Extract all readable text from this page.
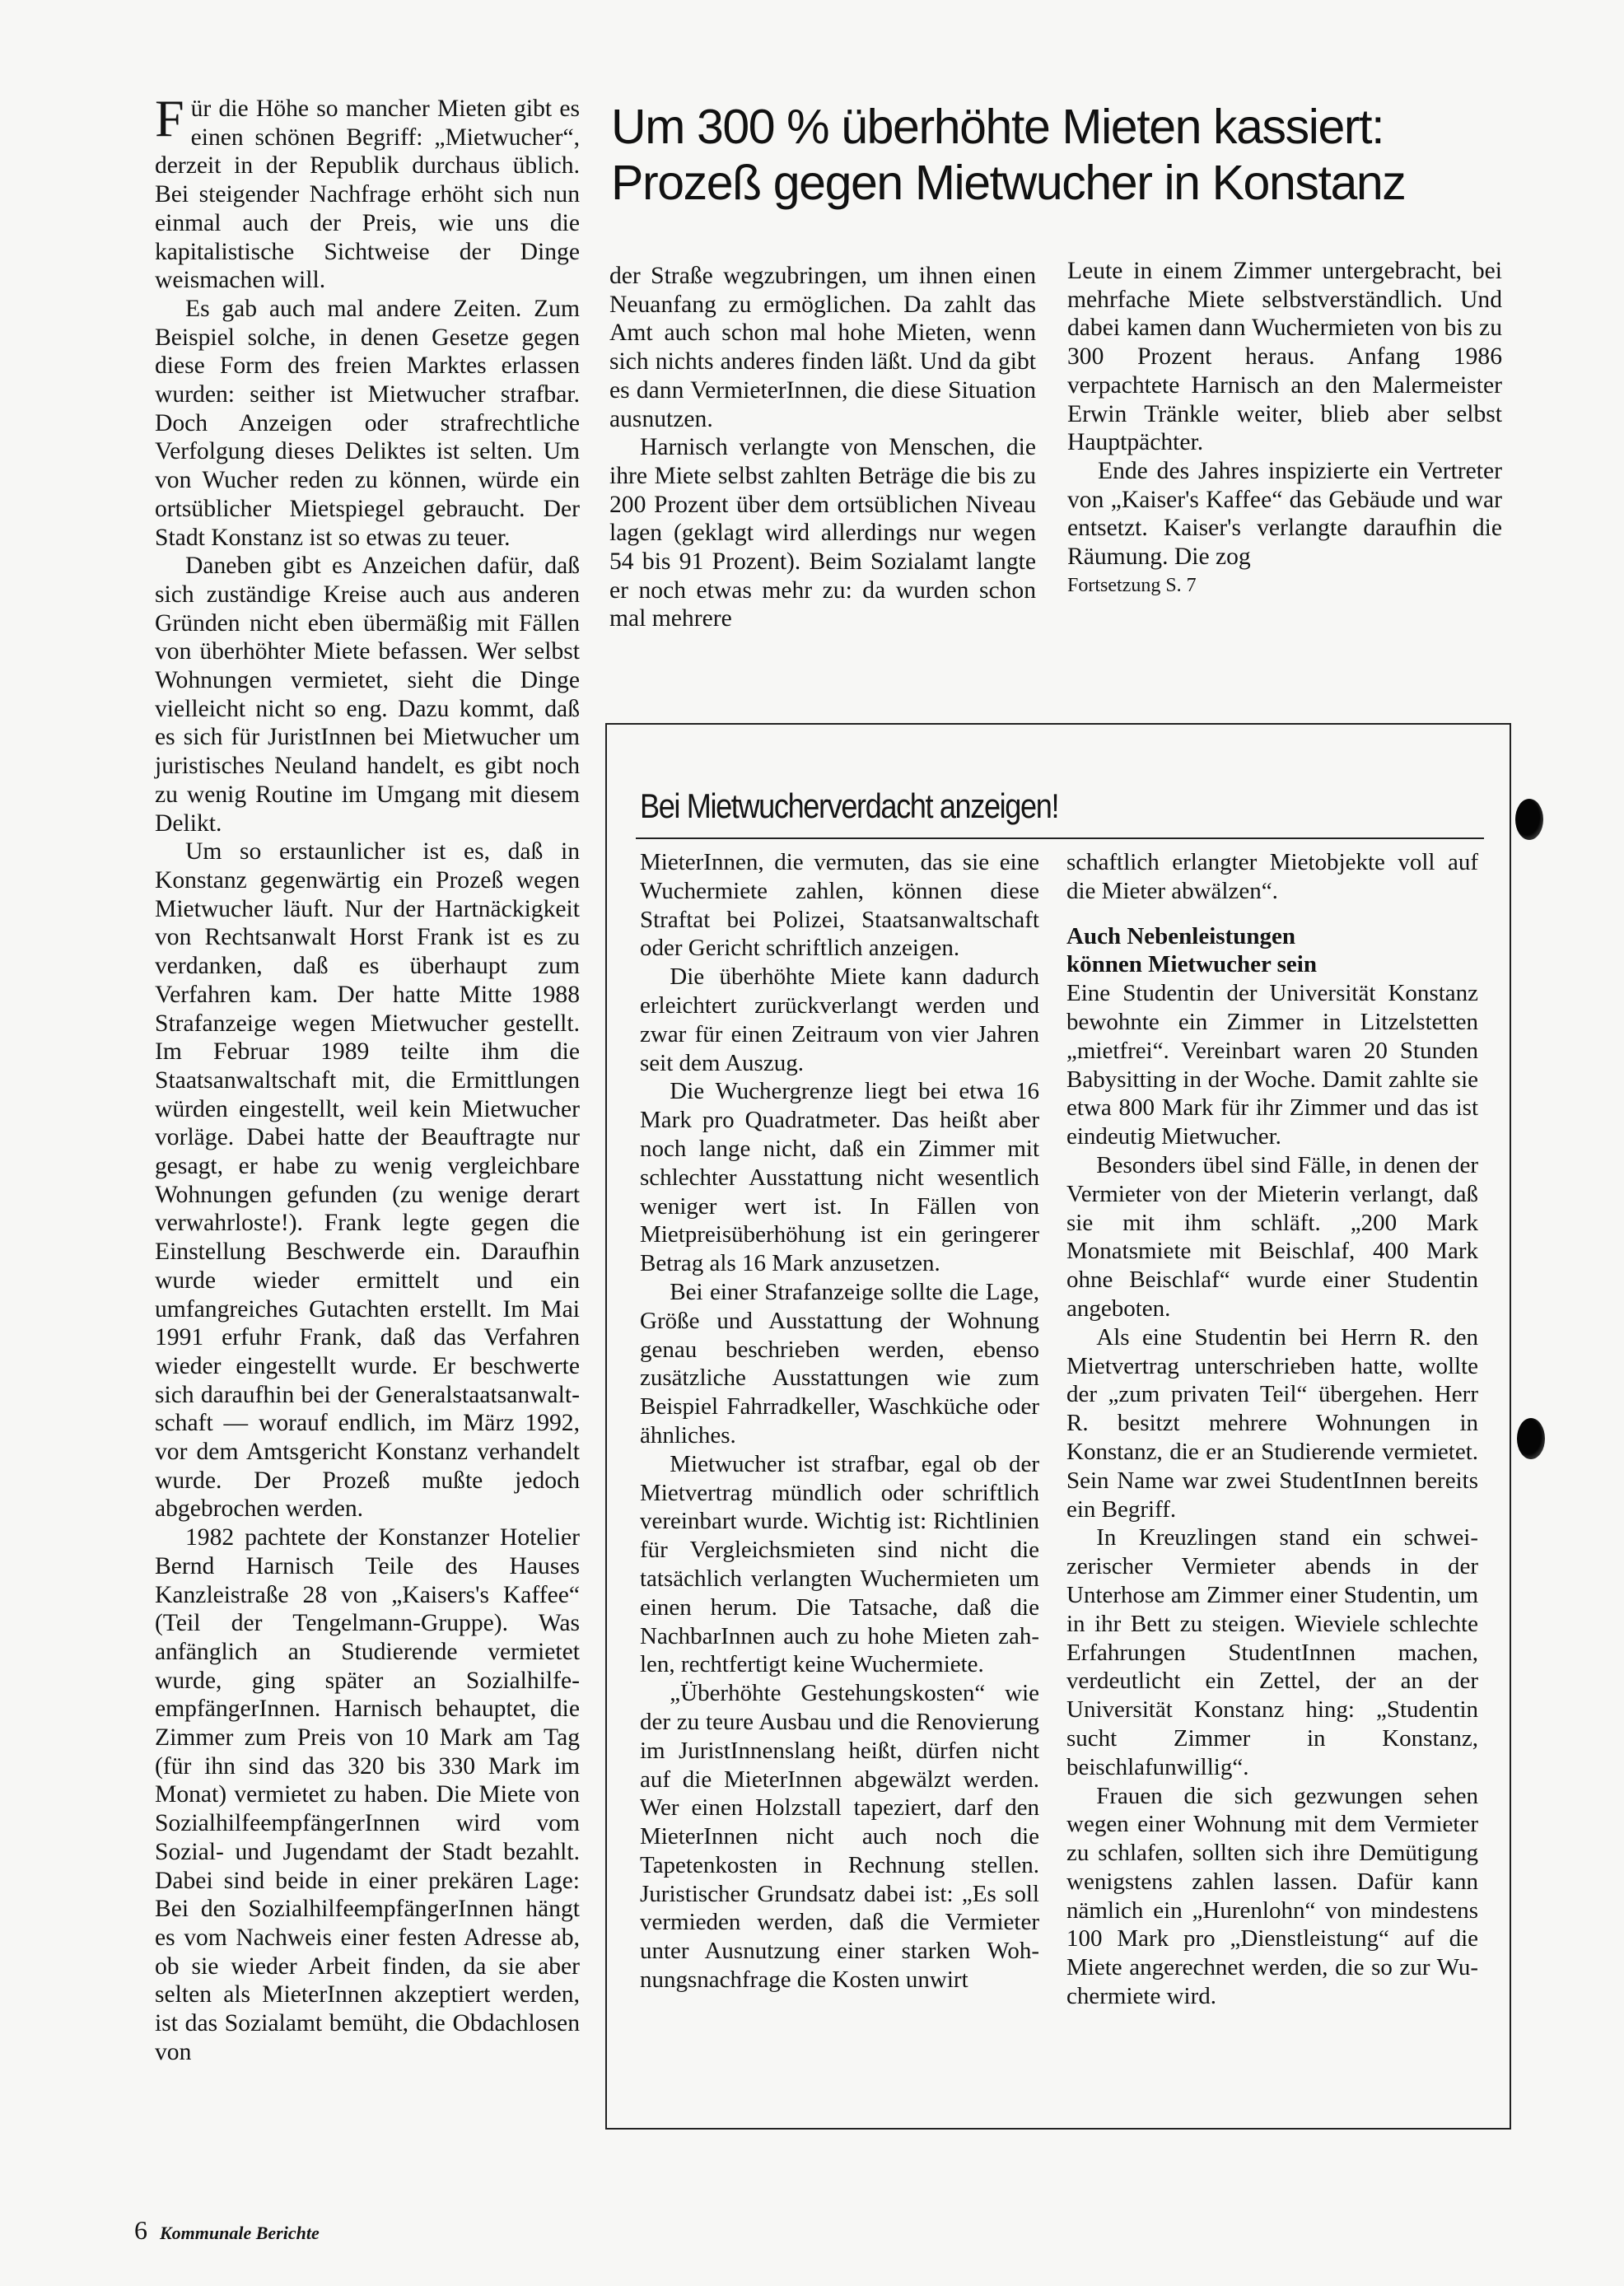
Für die Höhe so mancher Mieten gibt es einen schönen Begriff: „Mietwucher“, derzeit in der Republik durchaus üblich. Bei steigender Nachfrage erhöht sich nun einmal auch der Preis, wie uns die kapitalistische Sichtweise der Dinge weismachen will.

Es gab auch mal andere Zeiten. Zum Beispiel solche, in denen Gesetze gegen diese Form des freien Marktes erlassen wurden: seither ist Mietwucher strafbar. Doch Anzeigen oder strafrechtliche Verfolgung dieses Deliktes ist selten. Um von Wucher reden zu können, würde ein ortsüblicher Mietspiegel gebraucht. Der Stadt Konstanz ist so etwas zu teuer.

Daneben gibt es Anzeichen dafür, daß sich zuständige Kreise auch aus anderen Gründen nicht eben übermäßig mit Fällen von überhöhter Miete befassen. Wer selbst Wohnungen vermietet, sieht die Dinge vielleicht nicht so eng. Dazu kommt, daß es sich für JuristInnen bei Mietwucher um juristisches Neuland handelt, es gibt noch zu wenig Routine im Umgang mit diesem Delikt.

Um so erstaunlicher ist es, daß in Konstanz gegenwärtig ein Prozeß wegen Mietwucher läuft. Nur der Hartnäckigkeit von Rechtsanwalt Horst Frank ist es zu verdanken, daß es überhaupt zum Verfahren kam. Der hatte Mitte 1988 Strafanzeige wegen Mietwucher gestellt. Im Februar 1989 teilte ihm die Staatsanwaltschaft mit, die Ermittlungen würden eingestellt, weil kein Mietwucher vorläge. Dabei hatte der Beauftragte nur gesagt, er habe zu wenig vergleichbare Wohnungen gefunden (zu wenige derart verwahrloste!). Frank legte gegen die Einstellung Beschwerde ein. Daraufhin wurde wieder ermittelt und ein umfangreiches Gutachten erstellt. Im Mai 1991 erfuhr Frank, daß das Verfahren wieder eingestellt wurde. Er beschwerte sich daraufhin bei der Generalstaatsanwaltschaft — worauf endlich, im März 1992, vor dem Amtsgericht Konstanz verhandelt wurde. Der Prozeß mußte jedoch abgebrochen werden.

1982 pachtete der Konstanzer Hotelier Bernd Harnisch Teile des Hauses Kanzleistraße 28 von „Kaisers's Kaffee“ (Teil der Tengelmann-Gruppe). Was anfänglich an Studierende vermietet wurde, ging später an SozialhilfeempfängerInnen. Harnisch behauptet, die Zimmer zum Preis von 10 Mark am Tag (für ihn sind das 320 bis 330 Mark im Monat) vermietet zu haben. Die Miete von SozialhilfeempfängerInnen wird vom Sozial- und Jugendamt der Stadt bezahlt. Dabei sind beide in einer prekären Lage: Bei den SozialhilfeempfängerInnen hängt es vom Nachweis einer festen Adresse ab, ob sie wieder Arbeit finden, da sie aber selten als MieterInnen akzeptiert werden, ist das Sozialamt bemüht, die Obdachlosen von

Um 300 % überhöhte Mieten kassiert:
Prozeß gegen Mietwucher in Konstanz

der Straße wegzubringen, um ihnen einen Neuanfang zu ermöglichen. Da zahlt das Amt auch schon mal hohe Mieten, wenn sich nichts anderes finden läßt. Und da gibt es dann VermieterInnen, die diese Situation ausnutzen.

Harnisch verlangte von Menschen, die ihre Miete selbst zahlten Beträge die bis zu 200 Prozent über dem ortsüblichen Niveau lagen (geklagt wird allerdings nur wegen 54 bis 91 Prozent). Beim Sozialamt langte er noch etwas mehr zu: da wurden schon mal mehrere

Leute in einem Zimmer untergebracht, bei mehrfache Miete selbstverständlich. Und dabei kamen dann Wuchermieten von bis zu 300 Prozent heraus. Anfang 1986 verpachtete Harnisch an den Malermeister Erwin Tränkle weiter, blieb aber selbst Hauptpächter.

Ende des Jahres inspizierte ein Vertreter von „Kaiser's Kaffee“ das Gebäude und war entsetzt. Kaiser's verlangte daraufhin die Räumung. Die zog

Fortsetzung S. 7

Bei Mietwucherverdacht anzeigen!

MieterInnen, die vermuten, das sie eine Wuchermiete zahlen, können diese Straftat bei Polizei, Staatsanwaltschaft oder Gericht schriftlich anzeigen.

Die überhöhte Miete kann dadurch erleichtert zurückverlangt werden und zwar für einen Zeitraum von vier Jahren seit dem Auszug.

Die Wuchergrenze liegt bei etwa 16 Mark pro Quadratmeter. Das heißt aber noch lange nicht, daß ein Zimmer mit schlechter Ausstattung nicht wesentlich weniger wert ist. In Fällen von Mietpreisüberhöhung ist ein geringerer Betrag als 16 Mark anzusetzen.

Bei einer Strafanzeige sollte die Lage, Größe und Ausstattung der Wohnung genau beschrieben werden, ebenso zusätzliche Ausstattungen wie zum Beispiel Fahrradkeller, Waschküche oder ähnliches.

Mietwucher ist strafbar, egal ob der Mietvertrag mündlich oder schriftlich vereinbart wurde. Wichtig ist: Richtlinien für Vergleichsmieten sind nicht die tatsächlich verlangten Wuchermieten um einen herum. Die Tatsache, daß die NachbarInnen auch zu hohe Mieten zahlen, rechtfertigt keine Wuchermiete.

„Überhöhte Gestehungskosten“ wie der zu teure Ausbau und die Renovierung im JuristInnenslang heißt, dürfen nicht auf die MieterInnen abgewälzt werden. Wer einen Holzstall tapeziert, darf den MieterInnen nicht auch noch die Tapetenkosten in Rechnung stellen. Juristischer Grundsatz dabei ist: „Es soll vermieden werden, daß die Vermieter unter Ausnutzung einer starken Wohnungsnachfrage die Kosten unwirt

schaftlich erlangter Mietobjekte voll auf die Mieter abwälzen“.

Auch Nebenleistungen
können Mietwucher sein

Eine Studentin der Universität Konstanz bewohnte ein Zimmer in Litzelstetten „mietfrei“. Vereinbart waren 20 Stunden Babysitting in der Woche. Damit zahlte sie etwa 800 Mark für ihr Zimmer und das ist eindeutig Mietwucher.

Besonders übel sind Fälle, in denen der Vermieter von der Mieterin verlangt, daß sie mit ihm schläft. „200 Mark Monatsmiete mit Beischlaf, 400 Mark ohne Beischlaf“ wurde einer Studentin angeboten.

Als eine Studentin bei Herrn R. den Mietvertrag unterschrieben hatte, wollte der „zum privaten Teil“ übergehen. Herr R. besitzt mehrere Wohnungen in Konstanz, die er an Studierende vermietet. Sein Name war zwei StudentInnen bereits ein Begriff.

In Kreuzlingen stand ein schweizerischer Vermieter abends in der Unterhose am Zimmer einer Studentin, um in ihr Bett zu steigen. Wieviele schlechte Erfahrungen StudentInnen machen, verdeutlicht ein Zettel, der an der Universität Konstanz hing: „Studentin sucht Zimmer in Konstanz, beischlafunwillig“.

Frauen die sich gezwungen sehen wegen einer Wohnung mit dem Vermieter zu schlafen, sollten sich ihre Demütigung wenigstens zahlen lassen. Dafür kann nämlich ein „Hurenlohn“ von mindestens 100 Mark pro „Dienstleistung“ auf die Miete angerechnet werden, die so zur Wuchermiete wird.

6 Kommunale Berichte
